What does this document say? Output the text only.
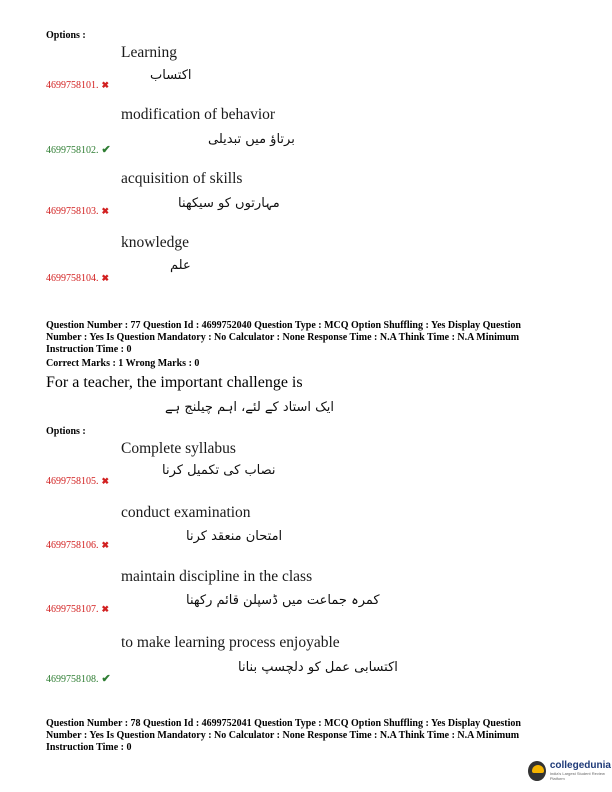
Options :
Learning
اکتساب
4699758101. ✖
modification of behavior
برتاؤ میں تبدیلی
4699758102. ✔
acquisition of skills
مہارتوں کو سیکھنا
4699758103. ✖
knowledge
علم
4699758104. ✖
Question Number : 77 Question Id : 4699752040 Question Type : MCQ Option Shuffling : Yes Display Question
Number : Yes Is Question Mandatory : No Calculator : None Response Time : N.A Think Time : N.A Minimum
Instruction Time : 0
Correct Marks : 1 Wrong Marks : 0
For a teacher, the important challenge is
ایک استاد کے لئے، اہم چیلنج ہے
Options :
Complete syllabus
نصاب کی تکمیل کرنا
4699758105. ✖
conduct examination
امتحان منعقد کرنا
4699758106. ✖
maintain discipline in the class
کمرہ جماعت میں ڈسپلن قائم رکھنا
4699758107. ✖
to make learning process enjoyable
اکتسابی عمل کو دلچسپ بنانا
4699758108. ✔
Question Number : 78 Question Id : 4699752041 Question Type : MCQ Option Shuffling : Yes Display Question
Number : Yes Is Question Mandatory : No Calculator : None Response Time : N.A Think Time : N.A Minimum
Instruction Time : 0
collegedunia
India's Largest Student Review Platform
